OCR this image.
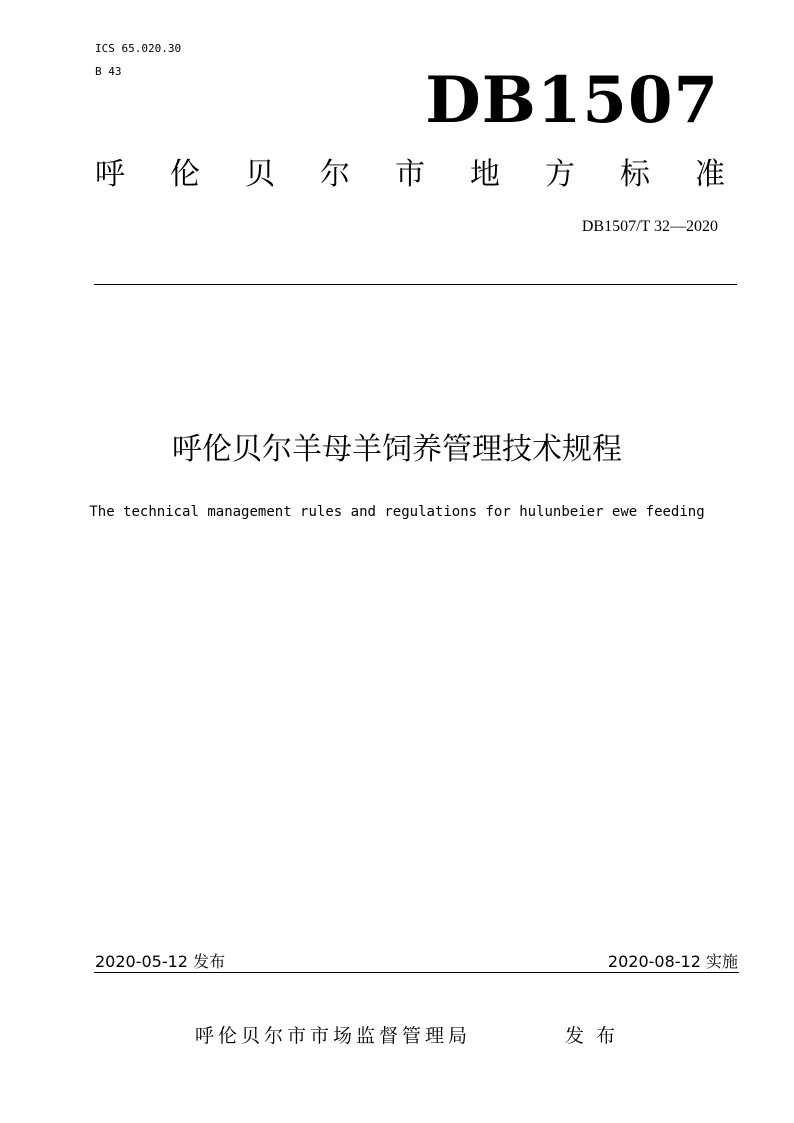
ICS 65.020.30
B 43	DB1507
呼 伦 贝 尔 市 地 方 标 准
DB1507/T 32—2020
呼伦贝尔羊母羊饲养管理技术规程
The technical management rules and regulations for hulunbeier ewe feeding
2020-05-12 发布	2020-08-12 实施
呼伦贝尔市市场监督管理局	发布
